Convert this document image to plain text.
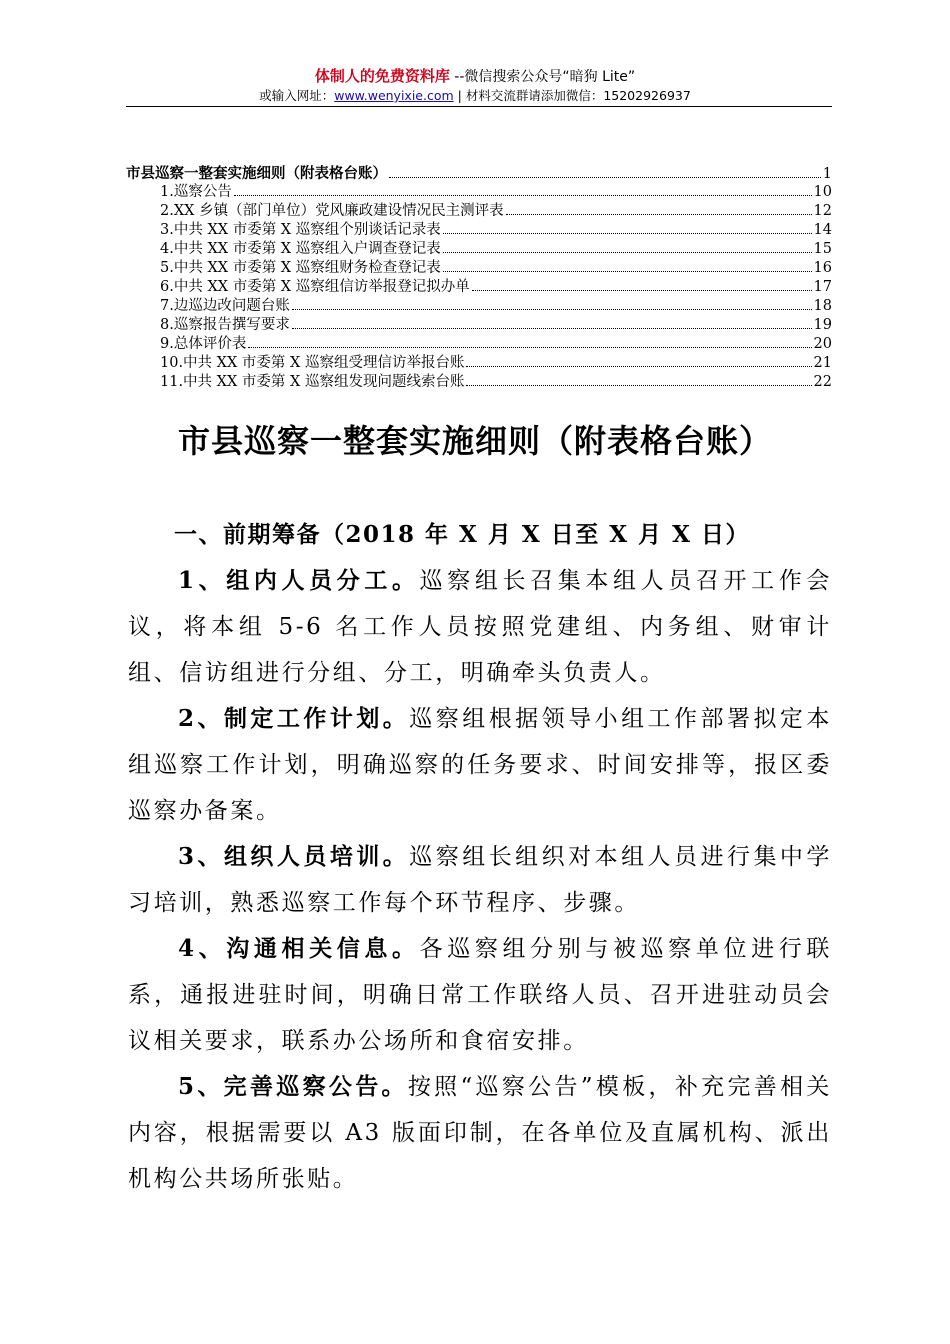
体制人的免费资料库 --微信搜索公众号“暗狗 Lite”
或输入网址：www.wenyixie.com | 材料交流群请添加微信：15202926937
市县巡察一整套实施细则（附表格台账）	1
1.巡察公告	10
2.XX 乡镇（部门单位）党风廉政建设情况民主测评表	12
3.中共 XX 市委第 X 巡察组个别谈话记录表	14
4.中共 XX 市委第 X 巡察组入户调查登记表	15
5.中共 XX 市委第 X 巡察组财务检查登记表	16
6.中共 XX 市委第 X 巡察组信访举报登记拟办单	17
7.边巡边改问题台账	18
8.巡察报告撰写要求	19
9.总体评价表	20
10.中共 XX 市委第 X 巡察组受理信访举报台账	21
11.中共 XX 市委第 X 巡察组发现问题线索台账	22
市县巡察一整套实施细则（附表格台账）
一、前期筹备（2018 年 X 月 X 日至 X 月 X 日）

1、组内人员分工。巡察组长召集本组人员召开工作会议，将本组 5-6 名工作人员按照党建组、内务组、财审计组、信访组进行分组、分工，明确牵头负责人。

2、制定工作计划。巡察组根据领导小组工作部署拟定本组巡察工作计划，明确巡察的任务要求、时间安排等，报区委巡察办备案。

3、组织人员培训。巡察组长组织对本组人员进行集中学习培训，熟悉巡察工作每个环节程序、步骤。

4、沟通相关信息。各巡察组分别与被巡察单位进行联系，通报进驻时间，明确日常工作联络人员、召开进驻动员会议相关要求，联系办公场所和食宿安排。

5、完善巡察公告。按照“巡察公告”模板，补充完善相关内容，根据需要以 A3 版面印制，在各单位及直属机构、派出机构公共场所张贴。
